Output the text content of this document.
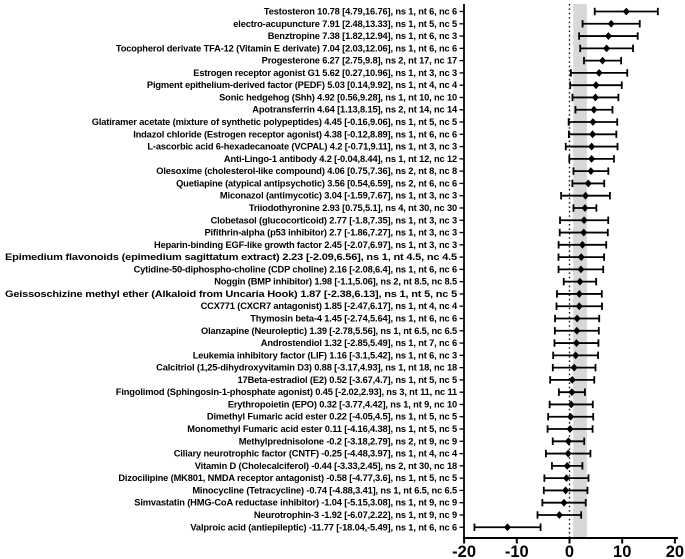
-20 -10 0 10 20
Testosteron 10.78 [4.79,16.76], ns 1, nt 6, nc 6
electro-acupuncture 7.91 [2.48,13.33], ns 1, nt 5, nc 5
Benztropine 7.38 [1.82,12.94], ns 1, nt 6, nc 3
Tocopherol derivate TFA-12 (Vitamin E derivate) 7.04 [2.03,12.06], ns 1, nt 6, nc 6
Progesterone 6.27 [2.75,9.8], ns 2, nt 17, nc 17
Estrogen receptor agonist G1 5.62 [0.27,10.96], ns 1, nt 3, nc 3
Pigment epithelium-derived factor (PEDF) 5.03 [0.14,9.92], ns 1, nt 4, nc 4
Sonic hedgehog (Shh) 4.92 [0.56,9.28], ns 1, nt 10, nc 10
Apotransferrin 4.64 [1.13,8.15], ns 2, nt 14, nc 14
Glatiramer acetate (mixture of synthetic polypeptides) 4.45 [-0.16,9.06], ns 1, nt 5, nc 5
Indazol chloride (Estrogen receptor agonist) 4.38 [-0.12,8.89], ns 1, nt 6, nc 6
L-ascorbic acid 6-hexadecanoate (VCPAL) 4.2 [-0.71,9.11], ns 1, nt 3, nc 3
Anti-Lingo-1 antibody 4.2 [-0.04,8.44], ns 1, nt 12, nc 12
Olesoxime (cholesterol-like compound) 4.06 [0.75,7.36], ns 2, nt 8, nc 8
Quetiapine (atypical antipsychotic) 3.56 [0.54,6.59], ns 2, nt 6, nc 6
Miconazol (antimycotic) 3.04 [-1.59,7.67], ns 1, nt 3, nc 3
Triiodothyronine 2.93 [0.75,5.1], ns 4, nt 30, nc 30
Clobetasol (glucocorticoid) 2.77 [-1.8,7.35], ns 1, nt 3, nc 3
Pifithrin-alpha (p53 inhibitor) 2.7 [-1.86,7.27], ns 1, nt 3, nc 3
Heparin-binding EGF-like growth factor 2.45 [-2.07,6.97], ns 1, nt 3, nc 3
Epimedium flavonoids (epimedium sagittatum extract) 2.23 [-2.09,6.56], ns 1, nt 4.5, nc 4.5
Cytidine-50-diphospho-choline (CDP choline) 2.16 [-2.08,6.4], ns 1, nt 6, nc 6
Noggin (BMP inhibitor) 1.98 [-1.1,5.06], ns 2, nt 8.5, nc 8.5
Geissoschizine methyl ether (Alkaloid from Uncaria Hook) 1.87 [-2.38,6.13], ns 1, nt 5, nc 5
CCX771 (CXCR7 antagonist) 1.85 [-2.47,6.17], ns 1, nt 4, nc 4
Thymosin beta-4 1.45 [-2.74,5.64], ns 1, nt 6, nc 6
Olanzapine (Neuroleptic) 1.39 [-2.78,5.56], ns 1, nt 6.5, nc 6.5
Androstendiol 1.32 [-2.85,5.49], ns 1, nt 7, nc 6
Leukemia inhibitory factor (LIF) 1.16 [-3.1,5.42], ns 1, nt 6, nc 3
Calcitriol (1,25-dihydroxyvitamin D3) 0.88 [-3.17,4.93], ns 1, nt 18, nc 18
17Beta-estradiol (E2) 0.52 [-3.67,4.7], ns 1, nt 5, nc 5
Fingolimod (Sphingosin-1-phosphate agonist) 0.45 [-2.02,2.93], ns 3, nt 11, nc 11
Erythropoietin (EPO) 0.32 [-3.77,4.42], ns 1, nt 9, nc 10
Dimethyl Fumaric acid ester 0.22 [-4.05,4.5], ns 1, nt 5, nc 5
Monomethyl Fumaric acid ester 0.11 [-4.16,4.38], ns 1, nt 5, nc 5
Methylprednisolone -0.2 [-3.18,2.79], ns 2, nt 9, nc 9
Ciliary neurotrophic factor (CNTF) -0.25 [-4.48,3.97], ns 1, nt 4, nc 4
Vitamin D (Cholecalciferol) -0.44 [-3.33,2.45], ns 2, nt 30, nc 18
Dizocilipine (MK801, NMDA receptor antagonist) -0.58 [-4.77,3.6], ns 1, nt 5, nc 5
Minocycline (Tetracycline) -0.74 [-4.88,3.41], ns 1, nt 6.5, nc 6.5
Simvastatin (HMG-CoA reductase inhibitor) -1.04 [-5.15,3.08], ns 1, nt 9, nc 9
Neurotrophin-3 -1.92 [-6.07,2.22], ns 1, nt 9, nc 9
Valproic acid (antiepileptic) -11.77 [-18.04,-5.49], ns 1, nt 6, nc 6
